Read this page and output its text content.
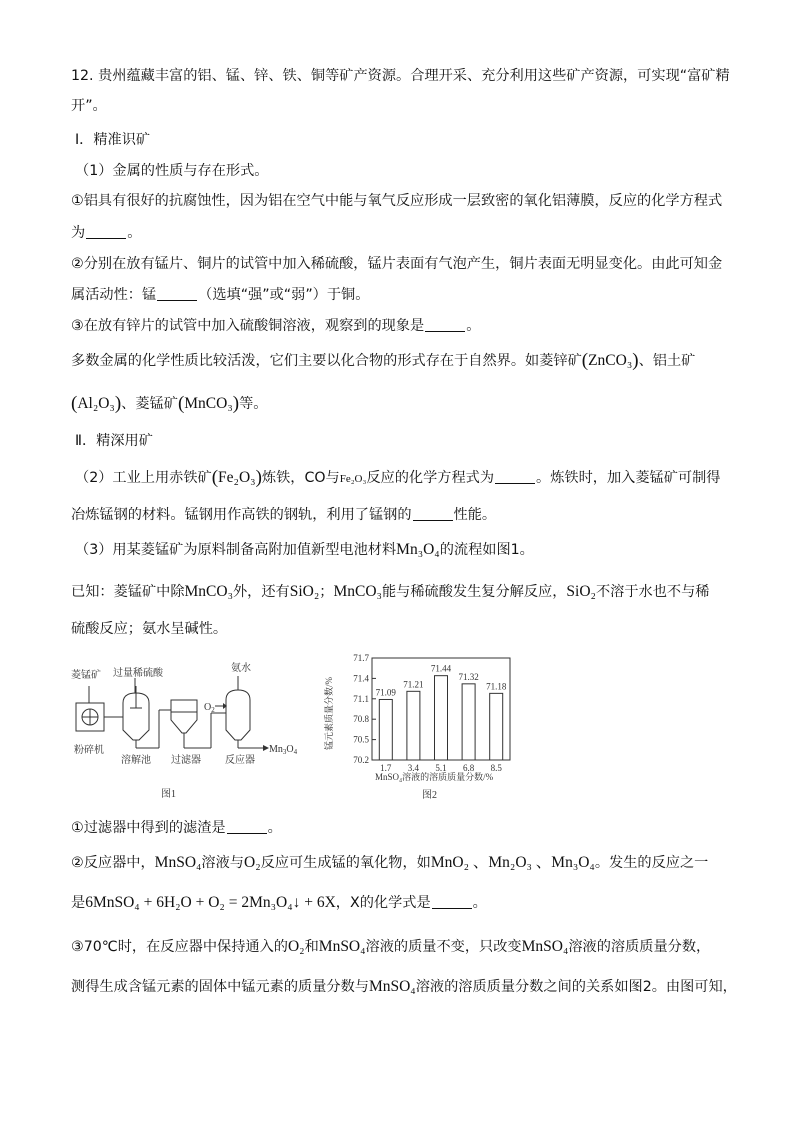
12. 贵州蕴藏丰富的铝、锰、锌、铁、铜等矿产资源。合理开采、充分利用这些矿产资源，可实现“富矿精
开”。
Ⅰ．精准识矿
（1）金属的性质与存在形式。
①铝具有很好的抗腐蚀性，因为铝在空气中能与氧气反应形成一层致密的氧化铝薄膜，反应的化学方程式
为	。
②分别在放有锰片、铜片的试管中加入稀硫酸，锰片表面有气泡产生，铜片表面无明显变化。由此可知金
属活动性：锰	（选填“强”或“弱”）于铜。
③在放有锌片的试管中加入硫酸铜溶液，观察到的现象是	。
多数金属的化学性质比较活泼，它们主要以化合物的形式存在于自然界。如菱锌矿(ZnCO₃)、铝土矿
(Al₂O₃)、菱锰矿(MnCO₃)等。
Ⅱ．精深用矿
（2）工业上用赤铁矿(Fe₂O₃)炼铁，CO与Fe₂O₃反应的化学方程式为	。炼铁时，加入菱锰矿可制得
冶炼锰钢的材料。锰钢用作高铁的钢轨，利用了锰钢的	性能。
（3）用某菱锰矿为原料制备高附加值新型电池材料Mn₃O₄的流程如图1。
已知：菱锰矿中除MnCO₃外，还有SiO₂；MnCO₃能与稀硫酸发生复分解反应，SiO₂不溶于水也不与稀
硫酸反应；氨水呈碱性。
菱锰矿 过量稀硫酸	氨水
粉碎机
溶解池 过滤器 反应器
$O_2$
$Mn_3O_4$
图1
70.2
70.5
70.8
71.1
71.4
71.7
71.09
1.7
71.21
3.4
71.44
5.1
71.32
6.8
71.18
8.5
锰元素质量分数/%
MnSO₄溶液的溶质质量分数/%
图2
①过滤器中得到的滤渣是	。
②反应器中，MnSO₄溶液与O₂反应可生成锰的氧化物，如MnO₂ 、Mn₂O₃ 、Mn₃O₄。发生的反应之一
是6MnSO₄ + 6H₂O + O₂ = 2Mn₃O₄↓ + 6X，X的化学式是	。
③70℃时，在反应器中保持通入的O₂和MnSO₄溶液的质量不变，只改变MnSO₄溶液的溶质质量分数，
测得生成含锰元素的固体中锰元素的质量分数与MnSO₄溶液的溶质质量分数之间的关系如图2。由图可知，
